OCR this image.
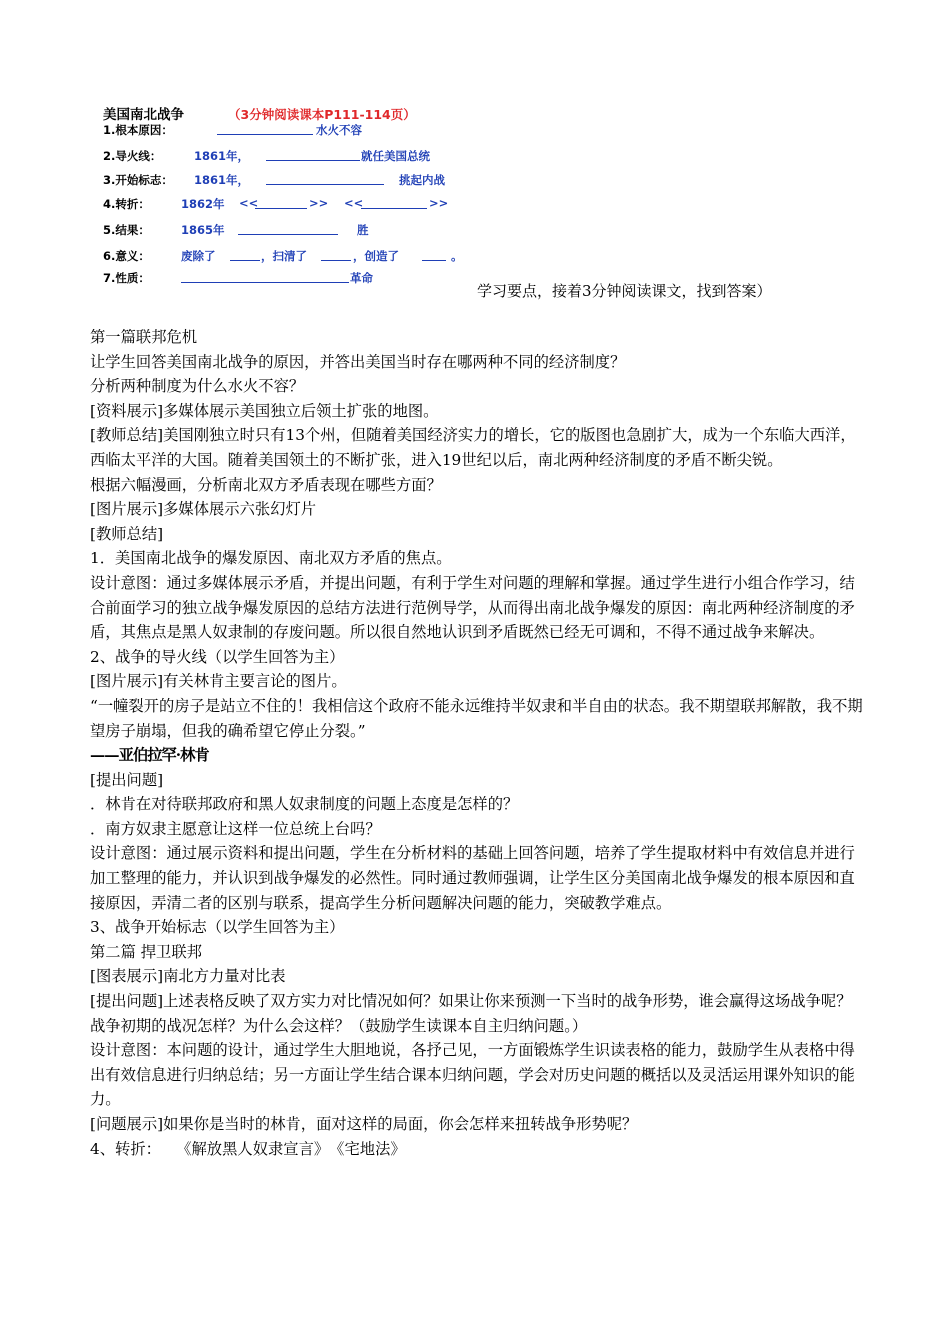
美国南北战争	（3分钟阅读课本P111-114页）
1.根本原因：	水火不容
2.导火线：	1861年，	就任美国总统
3.开始标志： 1861年，	挑起内战
4.转折：	1862年 <<	>> <<	>>
5.结果：	1865年	胜
6.意义：	废除了	，扫清了	，创造了	。
7.性质：	革命
学习要点，接着3分钟阅读课文，找到答案）

第一篇联邦危机

让学生回答美国南北战争的原因，并答出美国当时存在哪两种不同的经济制度？

分析两种制度为什么水火不容？

[资料展示]多媒体展示美国独立后领土扩张的地图。

[教师总结]美国刚独立时只有13个州，但随着美国经济实力的增长，它的版图也急剧扩大，成为一个东临大西洋，西临太平洋的大国。随着美国领土的不断扩张，进入19世纪以后，南北两种经济制度的矛盾不断尖锐。

根据六幅漫画，分析南北双方矛盾表现在哪些方面？

[图片展示]多媒体展示六张幻灯片

[教师总结]

1．美国南北战争的爆发原因、南北双方矛盾的焦点。

设计意图：通过多媒体展示矛盾，并提出问题，有利于学生对问题的理解和掌握。通过学生进行小组合作学习，结合前面学习的独立战争爆发原因的总结方法进行范例导学，从而得出南北战争爆发的原因：南北两种经济制度的矛盾，其焦点是黑人奴隶制的存废问题。所以很自然地认识到矛盾既然已经无可调和，不得不通过战争来解决。

2、战争的导火线（以学生回答为主）

[图片展示]有关林肯主要言论的图片。

“一幢裂开的房子是站立不住的！我相信这个政府不能永远维持半奴隶和半自由的状态。我不期望联邦解散，我不期望房子崩塌，但我的确希望它停止分裂。”

——亚伯拉罕·林肯

[提出问题]

．林肯在对待联邦政府和黑人奴隶制度的问题上态度是怎样的？

．南方奴隶主愿意让这样一位总统上台吗？

设计意图：通过展示资料和提出问题，学生在分析材料的基础上回答问题，培养了学生提取材料中有效信息并进行加工整理的能力，并认识到战争爆发的必然性。同时通过教师强调，让学生区分美国南北战争爆发的根本原因和直接原因，弄清二者的区别与联系，提高学生分析问题解决问题的能力，突破教学难点。

3、战争开始标志（以学生回答为主）

第二篇 捍卫联邦

[图表展示]南北方力量对比表

[提出问题]上述表格反映了双方实力对比情况如何？如果让你来预测一下当时的战争形势，谁会赢得这场战争呢？战争初期的战况怎样？为什么会这样？（鼓励学生读课本自主归纳问题。）

设计意图：本问题的设计，通过学生大胆地说，各抒己见，一方面锻炼学生识读表格的能力，鼓励学生从表格中得出有效信息进行归纳总结；另一方面让学生结合课本归纳问题，学会对历史问题的概括以及灵活运用课外知识的能力。

[问题展示]如果你是当时的林肯，面对这样的局面，你会怎样来扭转战争形势呢？

4、转折：　　《解放黑人奴隶宣言》　《宅地法》
